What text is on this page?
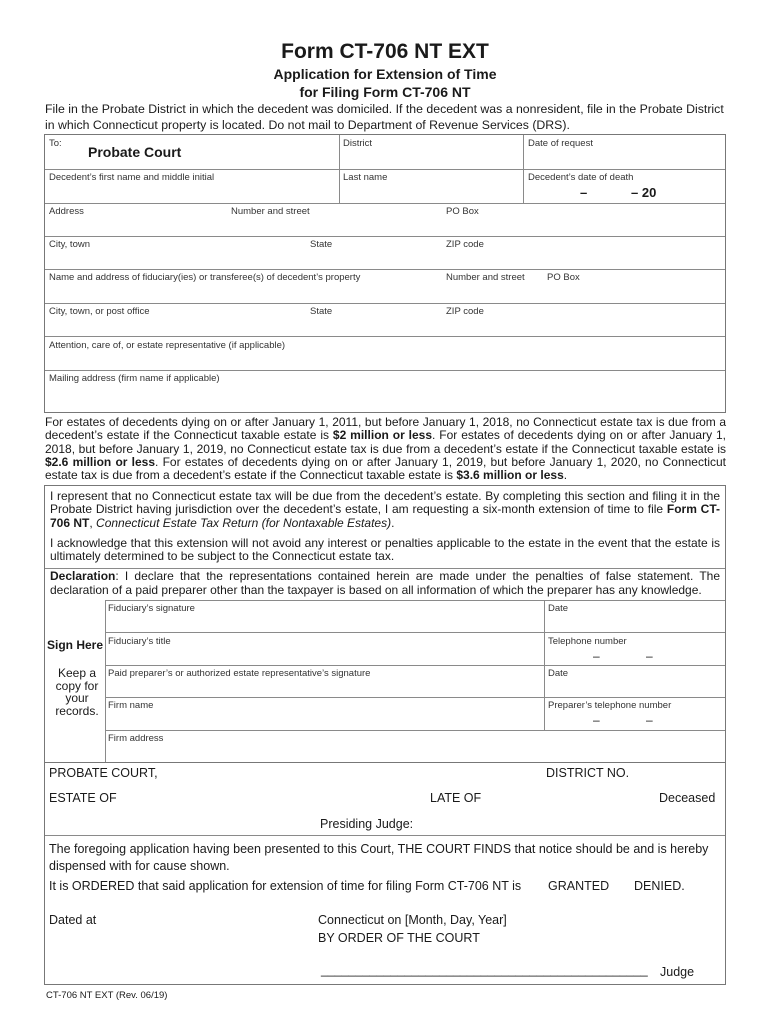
Form CT-706 NT EXT
Application for Extension of Time
for Filing Form CT-706 NT
File in the Probate District in which the decedent was domiciled. If the decedent was a nonresident, file in the Probate District in which Connecticut property is located. Do not mail to Department of Revenue Services (DRS).
To:
Probate Court
District	Date of request
Decedent’s first name and middle initial	Last name	Decedent’s date of death
–	– 20
Address	Number and street	PO Box
City, town	State	ZIP code
Name and address of fiduciary(ies) or transferee(s) of decedent’s property	Number and street PO Box
City, town, or post office	State	ZIP code
Attention, care of, or estate representative (if applicable)
Mailing address (firm name if applicable)
For estates of decedents dying on or after January 1, 2011, but before January 1, 2018, no Connecticut estate tax is due from a decedent’s estate if the Connecticut taxable estate is $2 million or less. For estates of decedents dying on or after January 1, 2018, but before January 1, 2019, no Connecticut estate tax is due from a decedent’s estate if the Connecticut taxable estate is $2.6 million or less. For estates of decedents dying on or after January 1, 2019, but before January 1, 2020, no Connecticut estate tax is due from a decedent’s estate if the Connecticut taxable estate is $3.6 million or less.
I represent that no Connecticut estate tax will be due from the decedent’s estate. By completing this section and filing it in the Probate District having jurisdiction over the decedent’s estate, I am requesting a six-month extension of time to file Form CT-706 NT, Connecticut Estate Tax Return (for Nontaxable Estates).
I acknowledge that this extension will not avoid any interest or penalties applicable to the estate in the event that the estate is ultimately determined to be subject to the Connecticut estate tax.
Declaration: I declare that the representations contained herein are made under the penalties of false statement. The declaration of a paid preparer other than the taxpayer is based on all information of which the preparer has any knowledge.
Sign Here
Keep a copy for your records.
Fiduciary’s signature	Date
Fiduciary’s title	Telephone number
–	–
Paid preparer’s or authorized estate representative’s signature	Date
Firm name	Preparer’s telephone number
–	–
Firm address
PROBATE COURT,	DISTRICT NO.
ESTATE OF	LATE OF	Deceased
Presiding Judge:
The foregoing application having been presented to this Court, THE COURT FINDS that notice should be and is hereby dispensed with for cause shown.
It is ORDERED that said application for extension of time for filing Form CT-706 NT is GRANTED DENIED.
Dated at	Connecticut on [Month, Day, Year]
BY ORDER OF THE COURT
_______________________________________________ Judge
CT-706 NT EXT (Rev. 06/19)
